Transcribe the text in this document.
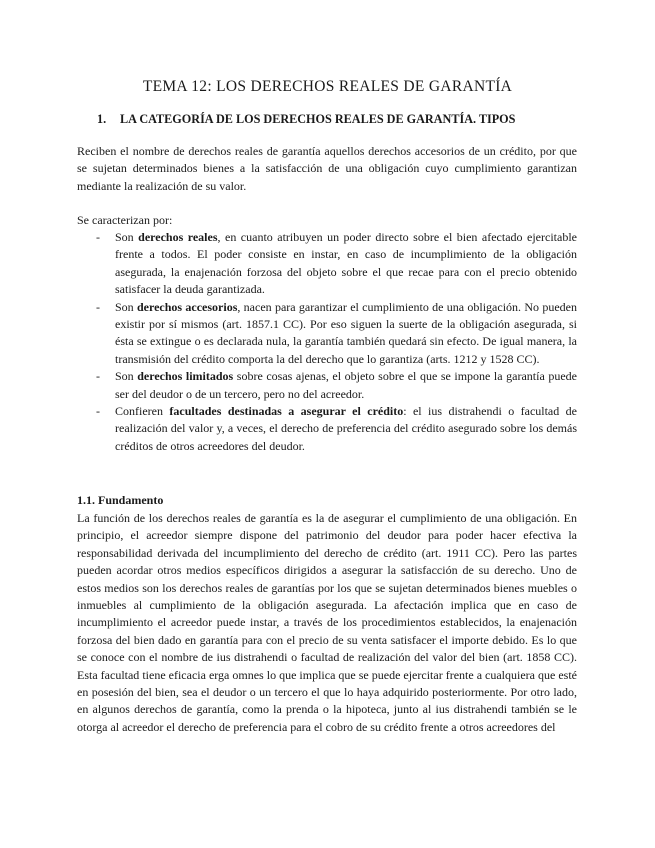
TEMA 12: LOS DERECHOS REALES DE GARANTÍA
1. LA CATEGORÍA DE LOS DERECHOS REALES DE GARANTÍA. TIPOS

Reciben el nombre de derechos reales de garantía aquellos derechos accesorios de un crédito, por que se sujetan determinados bienes a la satisfacción de una obligación cuyo cumplimiento garantizan mediante la realización de su valor.

Se caracterizan por:

- Son derechos reales, en cuanto atribuyen un poder directo sobre el bien afectado ejercitable frente a todos. El poder consiste en instar, en caso de incumplimiento de la obligación asegurada, la enajenación forzosa del objeto sobre el que recae para con el precio obtenido satisfacer la deuda garantizada.
- Son derechos accesorios, nacen para garantizar el cumplimiento de una obligación. No pueden existir por sí mismos (art. 1857.1 CC). Por eso siguen la suerte de la obligación asegurada, si ésta se extingue o es declarada nula, la garantía también quedará sin efecto. De igual manera, la transmisión del crédito comporta la del derecho que lo garantiza (arts. 1212 y 1528 CC).
- Son derechos limitados sobre cosas ajenas, el objeto sobre el que se impone la garantía puede ser del deudor o de un tercero, pero no del acreedor.
- Confieren facultades destinadas a asegurar el crédito: el ius distrahendi o facultad de realización del valor y, a veces, el derecho de preferencia del crédito asegurado sobre los demás créditos de otros acreedores del deudor.
1.1. Fundamento

La función de los derechos reales de garantía es la de asegurar el cumplimiento de una obligación. En principio, el acreedor siempre dispone del patrimonio del deudor para poder hacer efectiva la responsabilidad derivada del incumplimiento del derecho de crédito (art. 1911 CC). Pero las partes pueden acordar otros medios específicos dirigidos a asegurar la satisfacción de su derecho. Uno de estos medios son los derechos reales de garantías por los que se sujetan determinados bienes muebles o inmuebles al cumplimiento de la obligación asegurada. La afectación implica que en caso de incumplimiento el acreedor puede instar, a través de los procedimientos establecidos, la enajenación forzosa del bien dado en garantía para con el precio de su venta satisfacer el importe debido. Es lo que se conoce con el nombre de ius distrahendi o facultad de realización del valor del bien (art. 1858 CC). Esta facultad tiene eficacia erga omnes lo que implica que se puede ejercitar frente a cualquiera que esté en posesión del bien, sea el deudor o un tercero el que lo haya adquirido posteriormente. Por otro lado, en algunos derechos de garantía, como la prenda o la hipoteca, junto al ius distrahendi también se le otorga al acreedor el derecho de preferencia para el cobro de su crédito frente a otros acreedores del
